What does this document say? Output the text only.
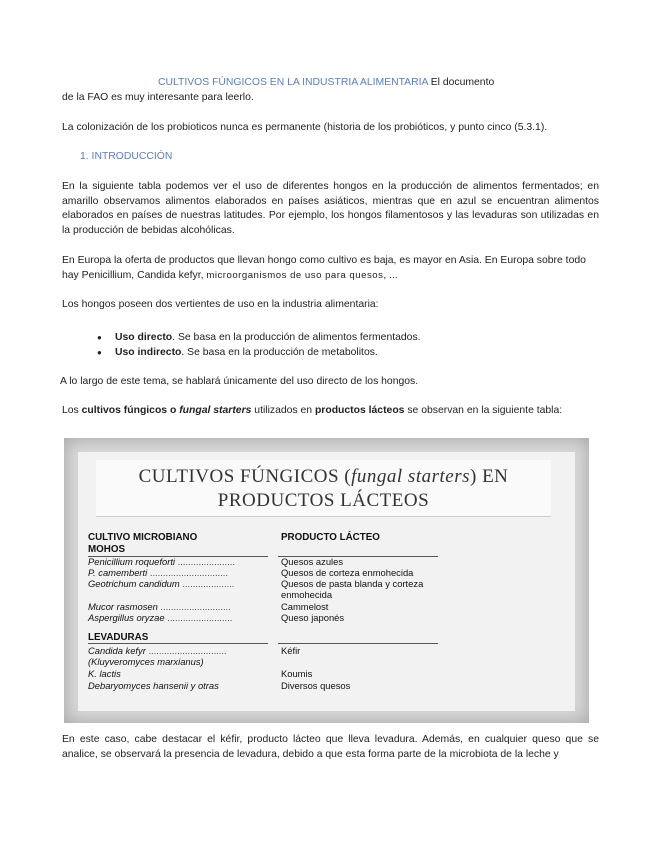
CULTIVOS FÚNGICOS EN LA INDUSTRIA ALIMENTARIA El documento
de la FAO es muy interesante para leerlo.
La colonización de los probioticos nunca es permanente (historia de los probióticos, y punto cinco (5.3.1).
1. INTRODUCCIÓN
En la siguiente tabla podemos ver el uso de diferentes hongos en la producción de alimentos fermentados; en amarillo observamos alimentos elaborados en países asiáticos, mientras que en azul se encuentran alimentos elaborados en países de nuestras latitudes. Por ejemplo, los hongos filamentosos y las levaduras son utilizadas en la producción de bebidas alcohólicas.
En Europa la oferta de productos que llevan hongo como cultivo es baja, es mayor en Asia. En Europa sobre todo hay Penicillium, Candida kefyr, microorganismos de uso para quesos, ...
Los hongos poseen dos vertientes de uso en la industria alimentaria:
● Uso directo. Se basa en la producción de alimentos fermentados.
● Uso indirecto. Se basa en la producción de metabolitos.
A lo largo de este tema, se hablará únicamente del uso directo de los hongos.
Los cultivos fúngicos o fungal starters utilizados en productos lácteos se observan en la siguiente tabla:
CULTIVOS FÚNGICOS (fungal starters) EN
PRODUCTOS LÁCTEOS
CULTIVO MICROBIANO	PRODUCTO LÁCTEO
MOHOS
Penicillium roqueforti ......................	Quesos azules
P. camemberti ..............................	Quesos de corteza enmohecida
Geotrichum candidum ....................	Quesos de pasta blanda y corteza
enmohecida
Mucor rasmosen ...........................	Cammelost
Aspergillus oryzae .........................	Queso japonés
LEVADURAS
Candida kefyr ..............................	Kéfir
(Kluyveromyces marxianus)
K. lactis	Koumis
Debaryomyces hansenii y otras	Diversos quesos
En este caso, cabe destacar el kéfir, producto lácteo que lleva levadura. Además, en cualquier queso que se analice, se observará la presencia de levadura, debido a que esta forma parte de la microbiota de la leche y
